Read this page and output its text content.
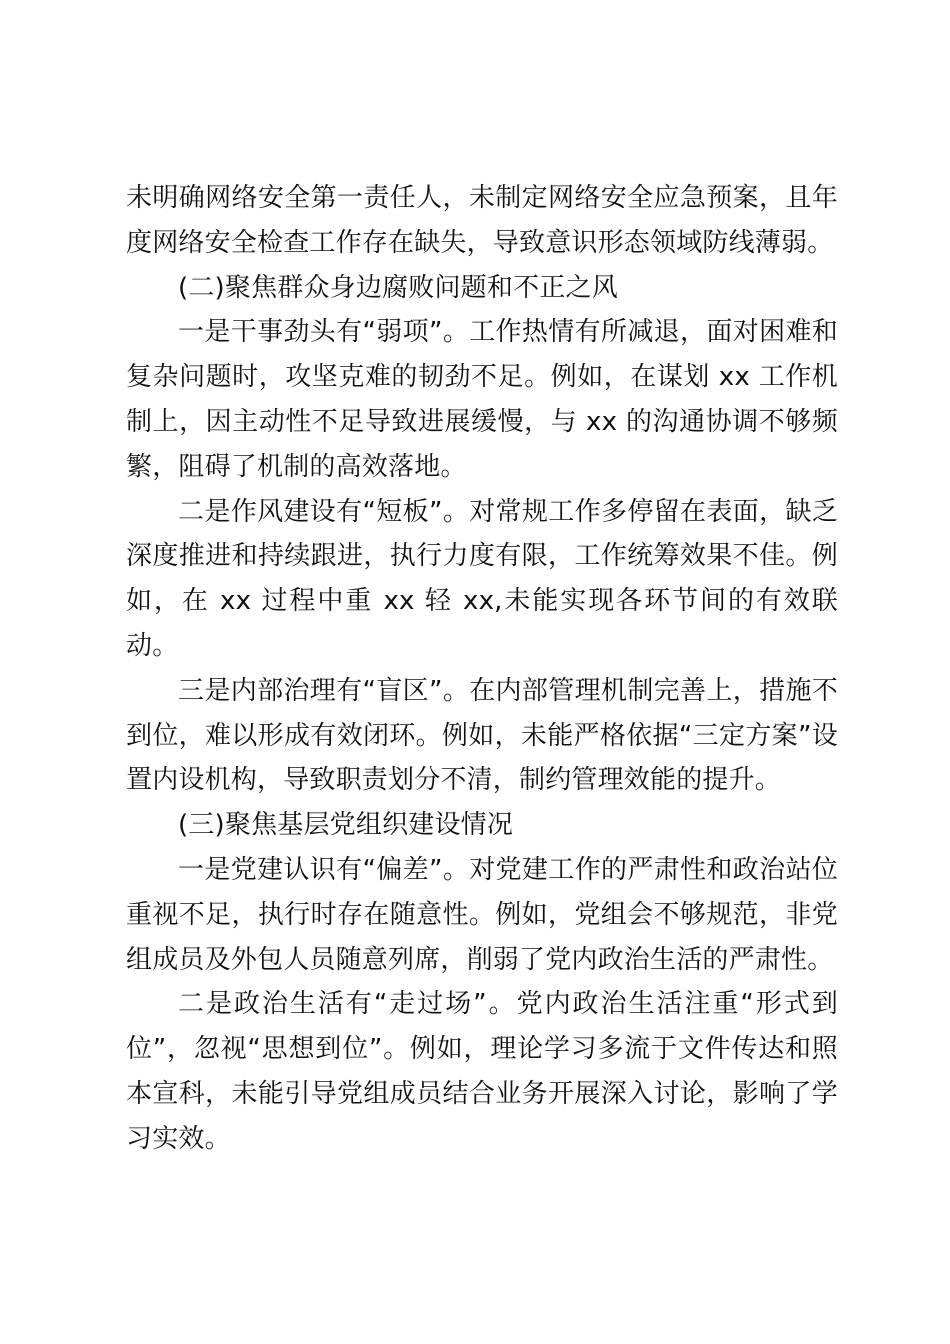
未明确网络安全第一责任人，未制定网络安全应急预案，且年度网络安全检查工作存在缺失，导致意识形态领域防线薄弱。

(二)聚焦群众身边腐败问题和不正之风

一是干事劲头有“弱项”。工作热情有所减退，面对困难和复杂问题时，攻坚克难的韧劲不足。例如，在谋划 xx 工作机制上，因主动性不足导致进展缓慢，与 xx 的沟通协调不够频繁，阻碍了机制的高效落地。

二是作风建设有“短板”。对常规工作多停留在表面，缺乏深度推进和持续跟进，执行力度有限，工作统筹效果不佳。例如，在 xx 过程中重 xx 轻 xx,未能实现各环节间的有效联动。

三是内部治理有“盲区”。在内部管理机制完善上，措施不到位，难以形成有效闭环。例如，未能严格依据“三定方案”设置内设机构，导致职责划分不清，制约管理效能的提升。

(三)聚焦基层党组织建设情况

一是党建认识有“偏差”。对党建工作的严肃性和政治站位重视不足，执行时存在随意性。例如，党组会不够规范，非党组成员及外包人员随意列席，削弱了党内政治生活的严肃性。

二是政治生活有“走过场”。党内政治生活注重“形式到位”，忽视“思想到位”。例如，理论学习多流于文件传达和照本宣科，未能引导党组成员结合业务开展深入讨论，影响了学习实效。
